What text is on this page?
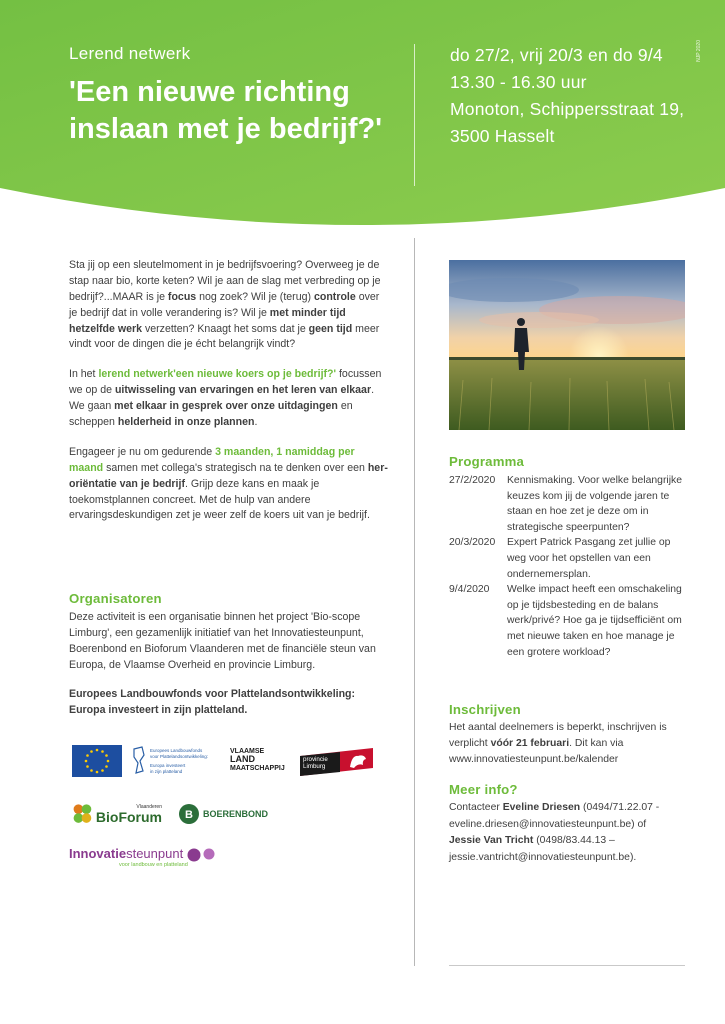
Lerend netwerk
'Een nieuwe richting inslaan met je bedrijf?'
do 27/2, vrij 20/3 en do 9/4
13.30 - 16.30 uur
Monoton, Schippersstraat 19, 3500 Hasselt
NJP 2020

Sta jij op een sleutelmoment in je bedrijfsvoering? Overweeg je de stap naar bio, korte keten? Wil je aan de slag met verbreding op je bedrijf?...MAAR is je focus nog zoek? Wil je (terug) controle over je bedrijf dat in volle verandering is? Wil je met minder tijd hetzelfde werk verzetten? Knaagt het soms dat je geen tijd meer vindt voor de dingen die je écht belangrijk vindt?

In het lerend netwerk'een nieuwe koers op je bedrijf?' focussen we op de uitwisseling van ervaringen en het leren van elkaar. We gaan met elkaar in gesprek over onze uitdagingen en scheppen helderheid in onze plannen.

Engageer je nu om gedurende 3 maanden, 1 namiddag per maand samen met collega's strategisch na te denken over een her-oriëntatie van je bedrijf. Grijp deze kans en maak je toekomstplannen concreet. Met de hulp van andere ervaringsdeskundigen zet je weer zelf de koers uit van je bedrijf.

Organisatoren
Deze activiteit is een organisatie binnen het project 'Bio-scope Limburg', een gezamenlijk initiatief van het Innovatiesteunpunt, Boerenbond en Bioforum Vlaanderen met de financiële steun van Europa, de Vlaamse Overheid en provincie Limburg.
Europees Landbouwfonds voor Plattelandsontwikkeling: Europa investeert in zijn platteland.
Europees Landbouwfonds
voor Plattelandsontwikkeling:
Europa investeert
in zijn platteland
VLAAMSE
LAND
MAATSCHAPPIJ
provincie Limburg
Vlaanderen
BioForum B BOERENBOND
Innovatiesteunpunt
voor landbouw en platteland
Programma
27/2/2020	Kennismaking. Voor welke belangrijke keuzes kom jij de volgende jaren te staan en hoe zet je deze om in strategische speerpunten?
20/3/2020	Expert Patrick Pasgang zet jullie op weg voor het opstellen van een ondernemersplan.
9/4/2020	Welke impact heeft een omschakeling op je tijdsbesteding en de balans werk/privé? Hoe ga je tijdsefficiënt om met nieuwe taken en hoe manage je een grotere workload?
Inschrijven
Het aantal deelnemers is beperkt, inschrijven is verplicht vóór 21 februari. Dit kan via
www.innovatiesteunpunt.be/kalender
Meer info?
Contacteer Eveline Driesen (0494/71.22.07 - eveline.driesen@innovatiesteunpunt.be) of
Jessie Van Tricht (0498/83.44.13 – jessie.vantricht@innovatiesteunpunt.be).
